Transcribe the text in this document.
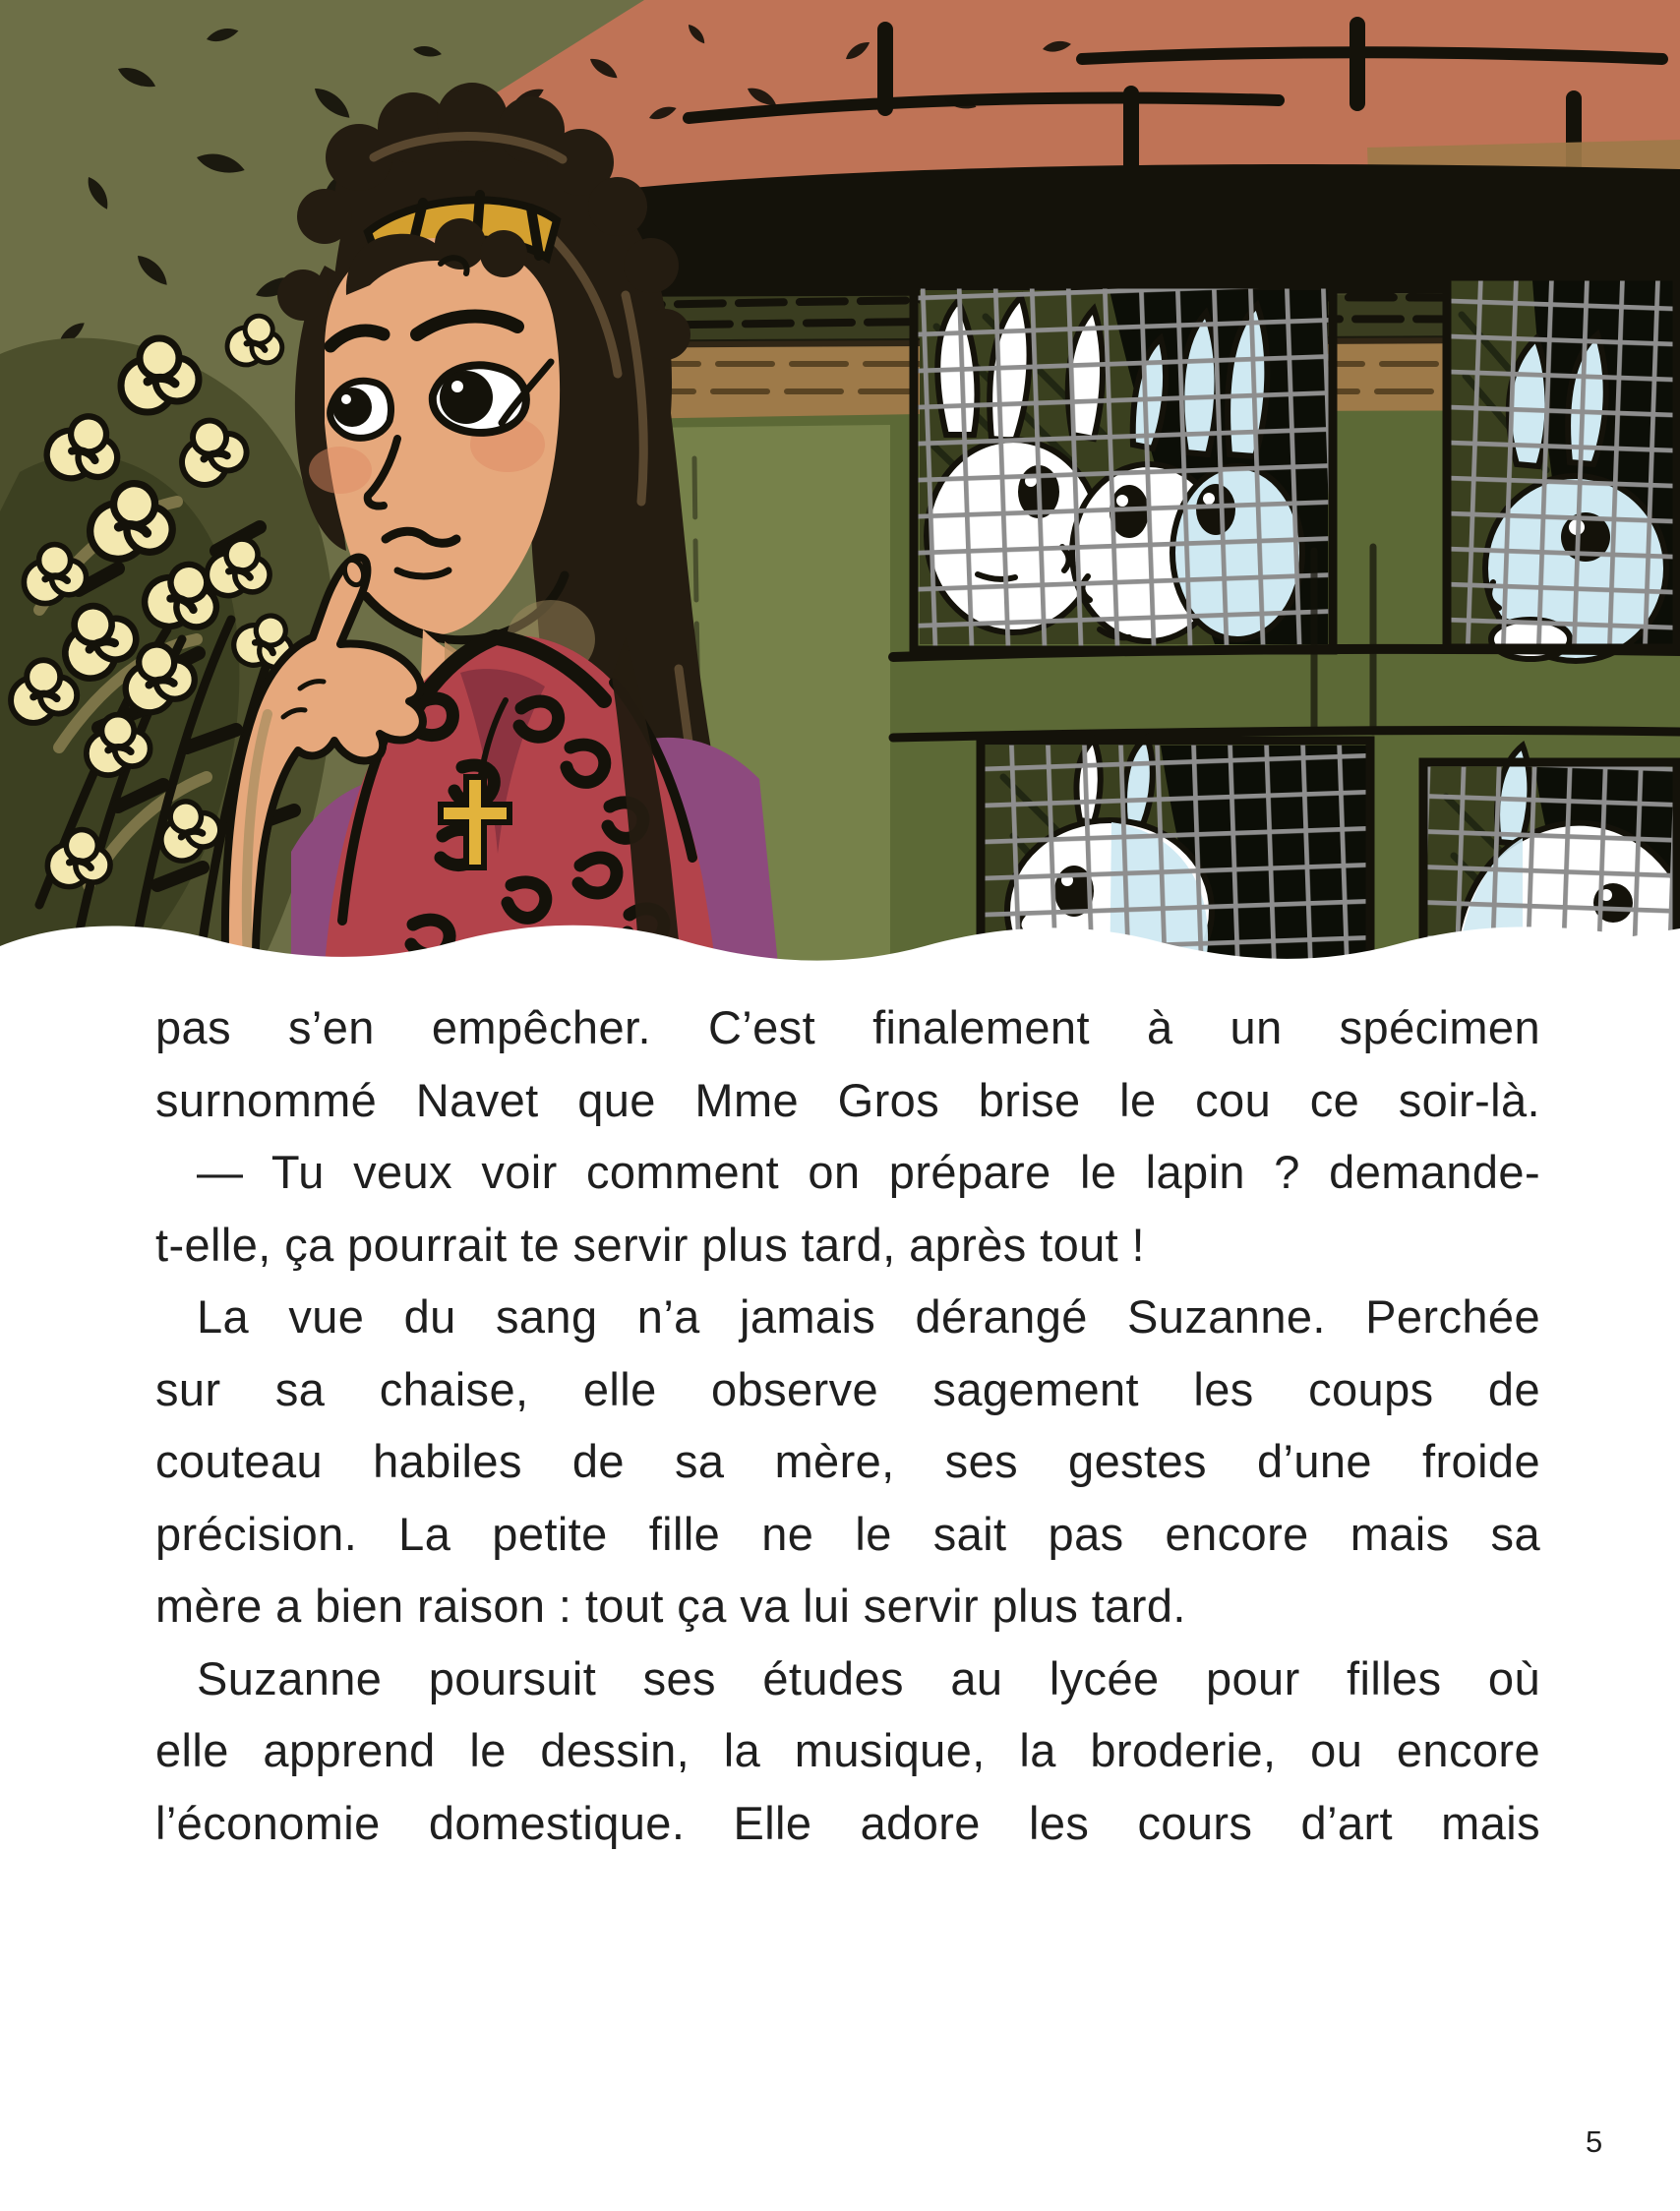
pas s’en empêcher. C’est finalement à un spécimen
surnommé Navet que Mme Gros brise le cou ce soir-là.
— Tu veux voir comment on prépare le lapin ? demande-
t-elle, ça pourrait te servir plus tard, après tout !
La vue du sang n’a jamais dérangé Suzanne. Perchée
sur sa chaise, elle observe sagement les coups de
couteau habiles de sa mère, ses gestes d’une froide
précision. La petite fille ne le sait pas encore mais sa
mère a bien raison : tout ça va lui servir plus tard.
Suzanne poursuit ses études au lycée pour filles où
elle apprend le dessin, la musique, la broderie, ou encore
l’économie domestique. Elle adore les cours d’art mais
5
